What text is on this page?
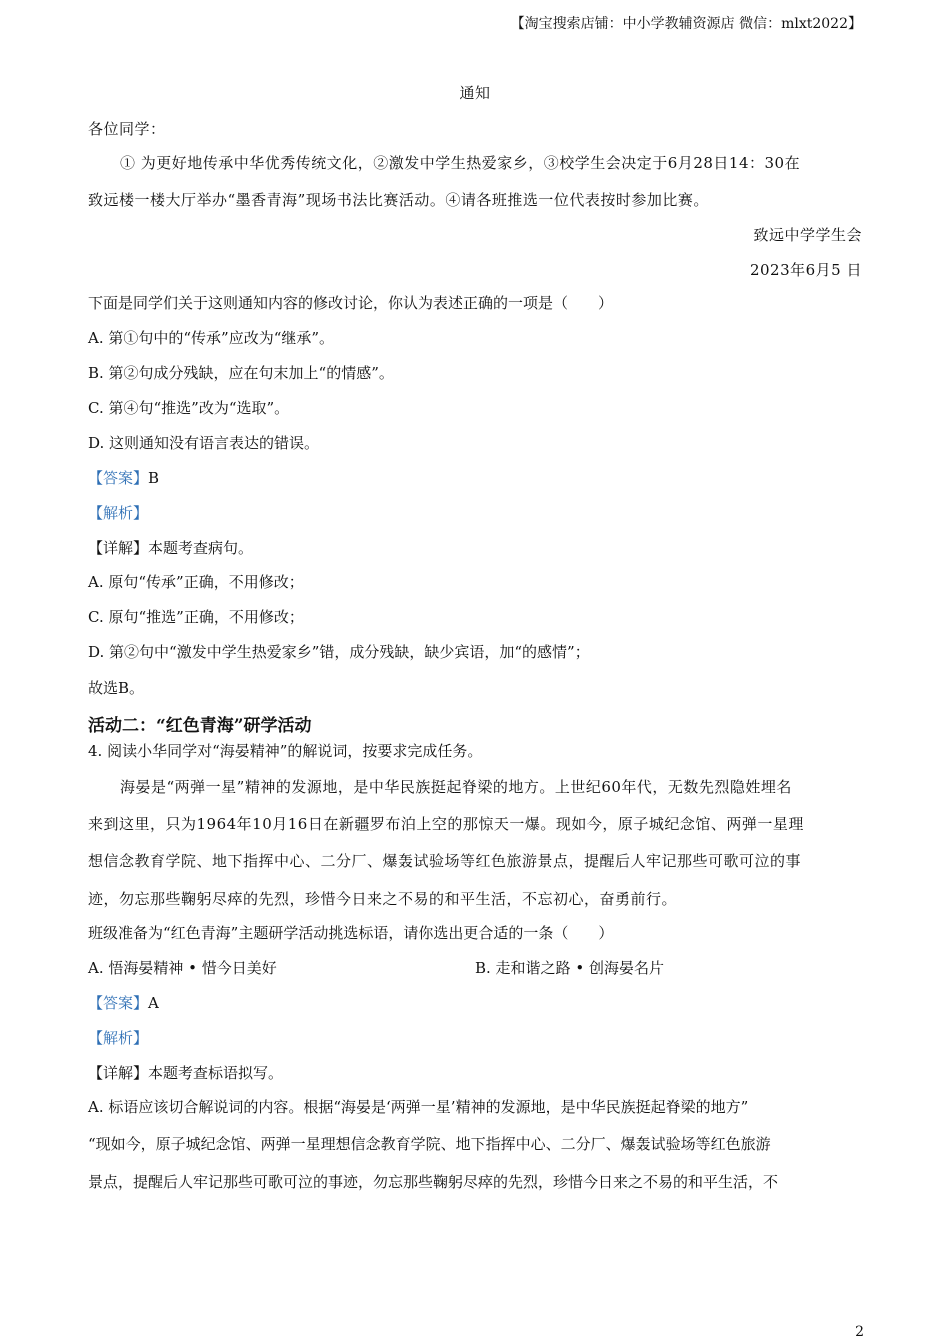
【淘宝搜索店铺：中小学教辅资源店 微信：mlxt2022】
通知
各位同学：
① 为更好地传承中华优秀传统文化，②激发中学生热爱家乡，③校学生会决定于6月28日14：30在
致远楼一楼大厅举办“墨香青海”现场书法比赛活动。④请各班推选一位代表按时参加比赛。
致远中学学生会
2023年6月5 日
下面是同学们关于这则通知内容的修改讨论，你认为表述正确的一项是（　　）
A. 第①句中的“传承”应改为“继承”。
B. 第②句成分残缺，应在句末加上“的情感”。
C. 第④句“推选”改为“选取”。
D. 这则通知没有语言表达的错误。
【答案】B
【解析】
【详解】本题考查病句。
A. 原句“传承”正确，不用修改；
C. 原句“推选”正确，不用修改；
D. 第②句中“激发中学生热爱家乡”错，成分残缺，缺少宾语，加“的感情”；
故选B。
活动二：“红色青海”研学活动
4. 阅读小华同学对“海晏精神”的解说词，按要求完成任务。
海晏是“两弹一星”精神的发源地，是中华民族挺起脊梁的地方。上世纪60年代，无数先烈隐姓埋名
来到这里，只为1964年10月16日在新疆罗布泊上空的那惊天一爆。现如今，原子城纪念馆、两弹一星理
想信念教育学院、地下指挥中心、二分厂、爆轰试验场等红色旅游景点，提醒后人牢记那些可歌可泣的事
迹，勿忘那些鞠躬尽瘁的先烈，珍惜今日来之不易的和平生活，不忘初心，奋勇前行。
班级准备为“红色青海”主题研学活动挑选标语，请你选出更合适的一条（　　）
A. 悟海晏精神 • 惜今日美好	B. 走和谐之路 • 创海晏名片
【答案】A
【解析】
【详解】本题考查标语拟写。
A. 标语应该切合解说词的内容。根据“海晏是‘两弹一星’精神的发源地，是中华民族挺起脊梁的地方”
“现如今，原子城纪念馆、两弹一星理想信念教育学院、地下指挥中心、二分厂、爆轰试验场等红色旅游
景点，提醒后人牢记那些可歌可泣的事迹，勿忘那些鞠躬尽瘁的先烈，珍惜今日来之不易的和平生活，不
2
